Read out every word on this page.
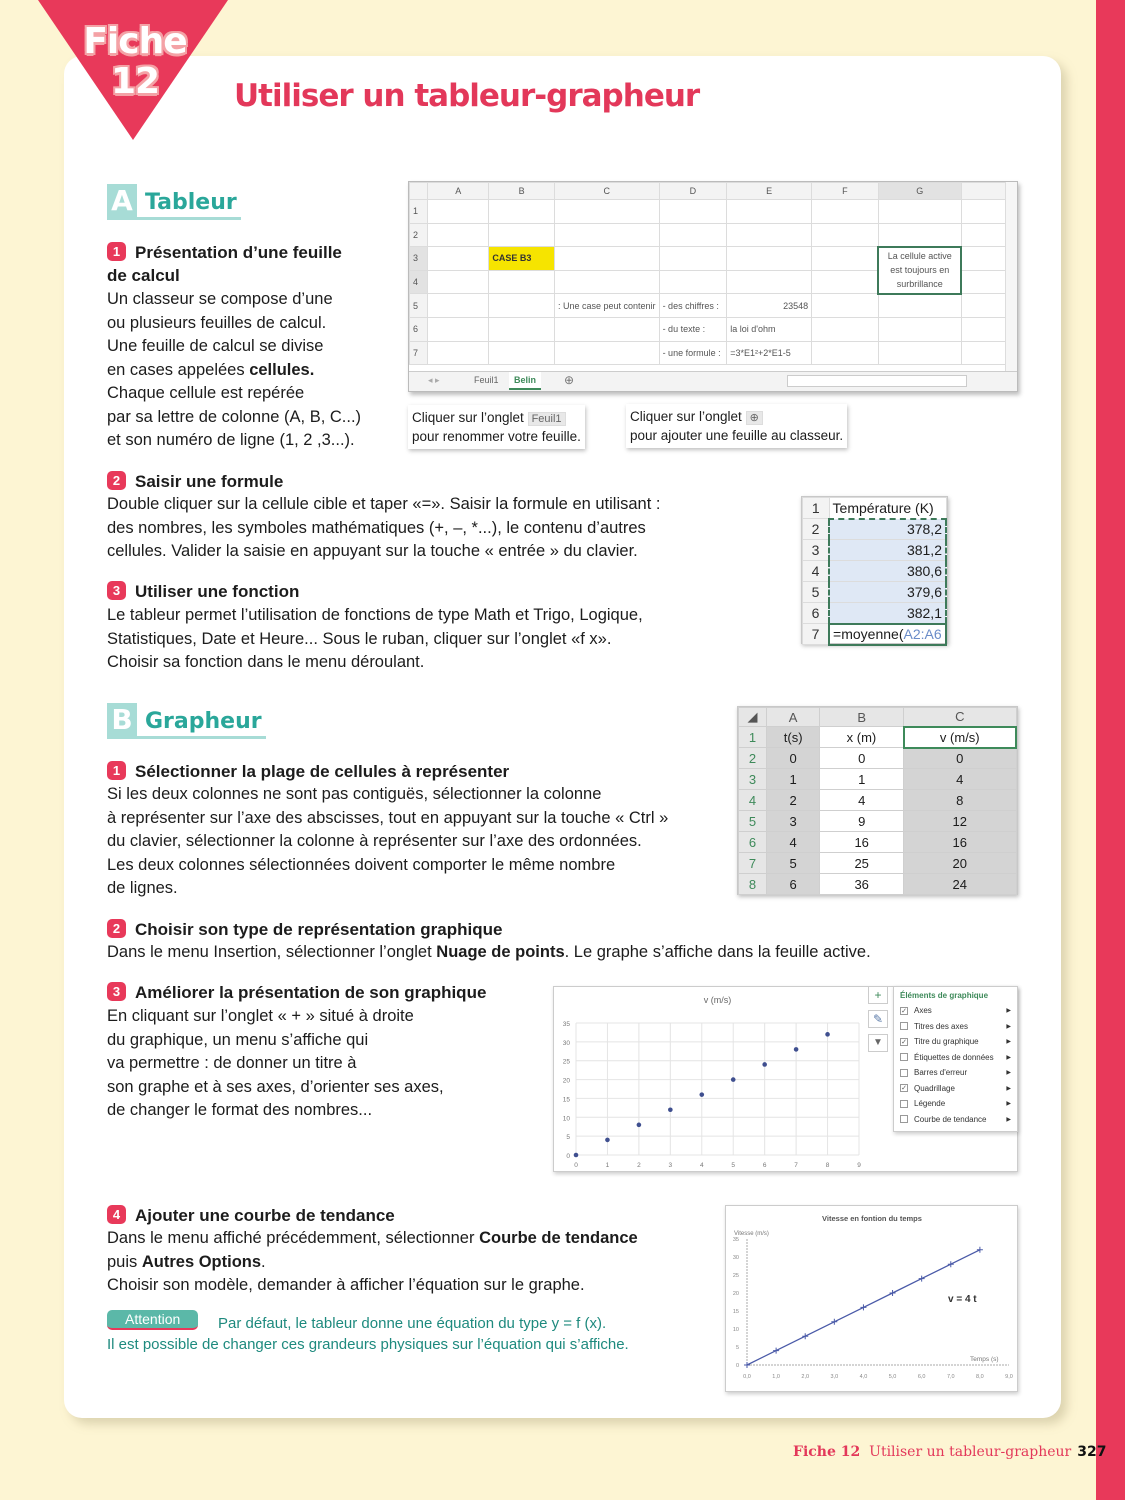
Fiche
12	Utiliser un tableur-grapheur
A Tableur
1 Présentation d’une feuille
de calcul
Un classeur se compose d’une
ou plusieurs feuilles de calcul.
Une feuille de calcul se divise
en cases appelées cellules.
Chaque cellule est repérée
par sa lettre de colonne (A, B, C...)
et son numéro de ligne (1, 2 ,3...).
	A	B	C	D	E	F	G	
1								
2								
3		CASE B3					La cellule active est toujours en surbrillance	
4								
5			Une case peut contenir :	- des chiffres :	23548			
6				- du texte :	la loi d'ohm			
7				- une formule :	=3*E1²+2*E1-5			
◂ ▸	Feuil1	Belin	⊕
Cliquer sur l’onglet Feuil1
pour renommer votre feuille.
Cliquer sur l’onglet ⊕
pour ajouter une feuille au classeur.
2 Saisir une formule
Double cliquer sur la cellule cible et taper «=». Saisir la formule en utilisant :
des nombres, les symboles mathématiques (+, –, *...), le contenu d’autres
cellules. Valider la saisie en appuyant sur la touche « entrée » du clavier.
3 Utiliser une fonction
Le tableur permet l’utilisation de fonctions de type Math et Trigo, Logique,
Statistiques, Date et Heure... Sous le ruban, cliquer sur l’onglet «f x».
Choisir sa fonction dans le menu déroulant.
1	Température (K)
2	378,2
3	381,2
4	380,6
5	379,6
6	382,1
7	=moyenne(A2:A6
B Grapheur
1 Sélectionner la plage de cellules à représenter
Si les deux colonnes ne sont pas contiguës, sélectionner la colonne
à représenter sur l’axe des abscisses, tout en appuyant sur la touche « Ctrl »
du clavier, sélectionner la colonne à représenter sur l’axe des ordonnées.
Les deux colonnes sélectionnées doivent comporter le même nombre
de lignes.
◢	A	B	C
1	t(s)	x (m)	v (m/s)
2	0	0	0
3	1	1	4
4	2	4	8
5	3	9	12
6	4	16	16
7	5	25	20
8	6	36	24
2 Choisir son type de représentation graphique
Dans le menu Insertion, sélectionner l’onglet Nuage de points. Le graphe s’affiche dans la feuille active.
3 Améliorer la présentation de son graphique
En cliquant sur l’onglet « + » situé à droite
du graphique, un menu s’affiche qui
va permettre : de donner un titre à
son graphe et à ses axes, d’orienter ses axes,
de changer le format des nombres...
v (m/s)
0
5
10
15
20
25
30
35
0	1	2	3	4	5	6	7	8	9
+
✎
▼
Éléments de graphique
✓ Axes	▶
Titres des axes	▶
✓ Titre du graphique	▶
Étiquettes de données ▶
Barres d'erreur	▶
✓ Quadrillage	▶
Légende	▶
Courbe de tendance	▶
4 Ajouter une courbe de tendance
Dans le menu affiché précédemment, sélectionner Courbe de tendance
puis Autres Options.
Choisir son modèle, demander à afficher l’équation sur le graphe.
Vitesse en fontion du temps
Vitesse (m/s)
Temps (s)
0
5
10
15
20
25
30
35
0,0	1,0	2,0	3,0	4,0	5,0	6,0	7,0	8,0	9,0
v = 4 t
Attention	Par défaut, le tableur donne une équation du type y = f (x).
Il est possible de changer ces grandeurs physiques sur l’équation qui s’affiche.
Fiche 12 Utiliser un tableur-grapheur 327
